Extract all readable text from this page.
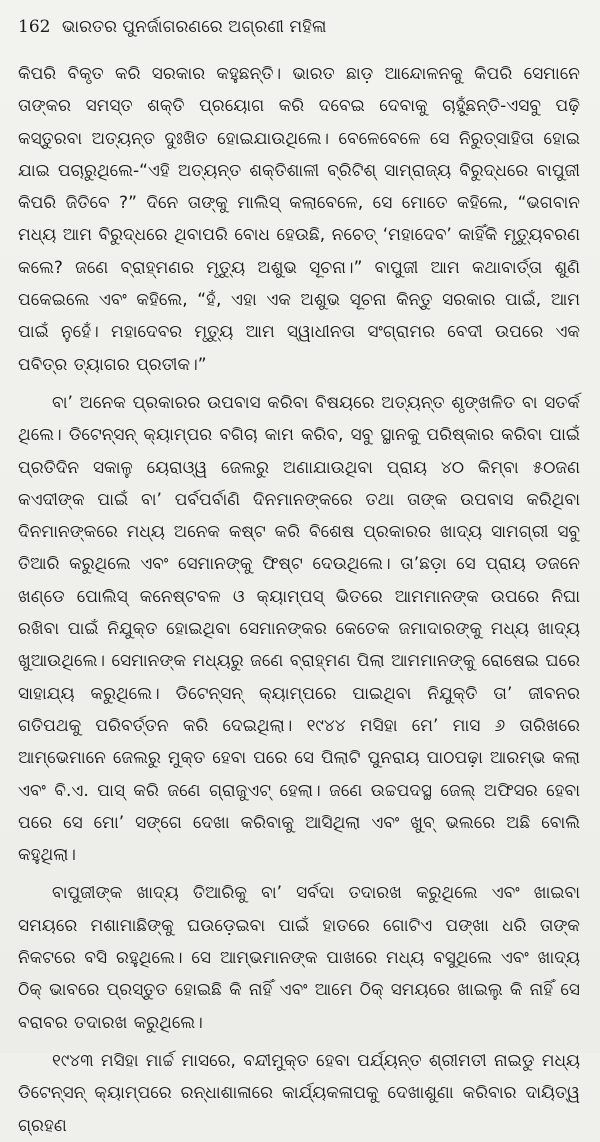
162 ଭାରତର ପୁନର୍ଜାଗରଣରେ ଅଗ୍ରଣୀ ମହିଳା

କିପରି ବିକୃତ କରି ସରକାର କହୁଛନ୍ତି। ଭାରତ ଛାଡ଼ ଆନ୍ଦୋଳନକୁ କିପରି ସେମାନେ ତାଙ୍କର ସମସ୍ତ ଶକ୍ତି ପ୍ରୟୋଗ କରି ଦବେଇ ଦେବାକୁ ଚାହୁଁଛନ୍ତି-ଏସବୁ ପଢ଼ି କସ୍ତୁରବା ଅତ୍ୟନ୍ତ ଦୁଃଖିତ ହୋଇଯାଉଥିଲେ। ବେଳେବେଳେ ସେ ନିରୁତ୍ସାହିତା ହୋଇ ଯାଇ ପଚାରୁଥିଲେ-“ଏହି ଅତ୍ୟନ୍ତ ଶକ୍ତିଶାଳୀ ବ୍ରିଟିଶ୍ ସାମ୍ରାଜ୍ୟ ବିରୁଦ୍ଧରେ ବାପୁଜୀ କିପରି ଜିତିବେ ?” ଦିନେ ତାଙ୍କୁ ମାଲିସ୍ କଲାବେଳେ, ସେ ମୋତେ କହିଲେ, “ଭଗବାନ ମଧ୍ୟ ଆମ ବିରୁଦ୍ଧରେ ଥିବାପରି ବୋଧ ହେଉଛି, ନଚେତ୍ ‘ମହାଦେବ’ କାହିଁକି ମୃତ୍ୟୁବରଣ କଲେ? ଜଣେ ବ୍ରାହ୍ମଣର ମୃତ୍ୟୁ ଅଶୁଭ ସୂଚନା।” ବାପୁଜୀ ଆମ କଥାବାର୍ତ୍ତା ଶୁଣି ପକେଇଲେ ଏବଂ କହିଲେ, “ହଁ, ଏହା ଏକ ଅଶୁଭ ସୂଚନା କିନ୍ତୁ ସରକାର ପାଇଁ, ଆମ ପାଇଁ ନୁହେଁ। ମହାଦେବର ମୃତ୍ୟୁ ଆମ ସ୍ୱାଧୀନତା ସଂଗ୍ରାମର ବେଦୀ ଉପରେ ଏକ ପବିତ୍ର ତ୍ୟାଗର ପ୍ରତୀକ।”

ବା’ ଅନେକ ପ୍ରକାରର ଉପବାସ କରିବା ବିଷୟରେ ଅତ୍ୟନ୍ତ ଶୃଙ୍ଖଳିତ ବା ସତର୍କ ଥିଲେ। ଡିଟେନ୍‌ସନ୍ କ୍ୟାମ୍ପର ବଗିଚା କାମ କରିବ, ସବୁ ସ୍ଥାନକୁ ପରିଷ୍କାର କରିବା ପାଇଁ ପ୍ରତିଦିନ ସକାଳୁ ୟେରାଓ୍ୱ ଜେଲରୁ ଅଣାଯାଉଥିବା ପ୍ରାୟ ୪୦ କିମ୍ବା ୫୦ଜଣ କଏଦୀଙ୍କ ପାଇଁ ବା’ ପର୍ବପର୍ବାଣି ଦିନମାନଙ୍କରେ ତଥା ତାଙ୍କ ଉପବାସ କରିଥିବା ଦିନମାନଙ୍କରେ ମଧ୍ୟ ଅନେକ କଷ୍ଟ କରି ବିଶେଷ ପ୍ରକାରର ଖାଦ୍ୟ ସାମଗ୍ରୀ ସବୁ ତିଆରି କରୁଥିଲେ ଏବଂ ସେମାନଙ୍କୁ ଫିଷ୍ଟ ଦେଉଥିଲେ। ତା’ଛଡ଼ା ସେ ପ୍ରାୟ ଡଜନେ ଖଣ୍ଡେ ପୋଲିସ୍ କନେଷ୍ଟବଳ ଓ କ୍ୟାମ୍ପସ୍ ଭିତରେ ଆମମାନଙ୍କ ଉପରେ ନିଘା ରଖିବା ପାଇଁ ନିଯୁକ୍ତ ହୋଇଥିବା ସେମାନଙ୍କର କେତେକ ଜମାଦାରଙ୍କୁ ମଧ୍ୟ ଖାଦ୍ୟ ଖୁଆଉଥିଲେ। ସେମାନଙ୍କ ମଧ୍ୟରୁ ଜଣେ ବ୍ରାହ୍ମଣ ପିଲା ଆମମାନଙ୍କୁ ରୋଷେଇ ଘରେ ସାହାଯ୍ୟ କରୁଥିଲେ। ଡିଟେନ୍‌ସନ୍ କ୍ୟାମ୍ପରେ ପାଇଥିବା ନିଯୁକ୍ତି ତା’ ଜୀବନର ଗତିପଥକୁ ପରିବର୍ତ୍ତନ କରି ଦେଇଥିଲା। ୧୯୪୪ ମସିହା ମେ’ ମାସ ୬ ତାରିଖରେ ଆମ୍ଭେମାନେ ଜେଲରୁ ମୁକ୍ତ ହେବା ପରେ ସେ ପିଲାଟି ପୁନରାୟ ପାଠପଢ଼ା ଆରମ୍ଭ କଲା ଏବଂ ବି.ଏ. ପାସ୍ କରି ଜଣେ ଗ୍ରାଜୁଏଟ୍ ହେଲା। ଜଣେ ଉଚ୍ଚପଦସ୍ଥ ଜେଲ୍ ଅଫିସର ହେବା ପରେ ସେ ମୋ’ ସଙ୍ଗେ ଦେଖା କରିବାକୁ ଆସିଥିଲା ଏବଂ ଖୁବ୍ ଭଲରେ ଅଛି ବୋଲି କହୁଥିଲା।

ବାପୁଜୀଙ୍କ ଖାଦ୍ୟ ତିଆରିକୁ ବା’ ସର୍ବଦା ତଦାରଖ କରୁଥିଲେ ଏବଂ ଖାଇବା ସମୟରେ ମଶାମାଛିଙ୍କୁ ଘଉଡ଼େଇବା ପାଇଁ ହାତରେ ଗୋଟିଏ ପଙ୍ଖା ଧରି ତାଙ୍କ ନିକଟରେ ବସି ରହୁଥିଲେ। ସେ ଆମ୍ଭମାନଙ୍କ ପାଖରେ ମଧ୍ୟ ବସୁଥିଲେ ଏବଂ ଖାଦ୍ୟ ଠିକ୍ ଭାବରେ ପ୍ରସ୍ତୁତ ହୋଇଛି କି ନାହିଁ ଏବଂ ଆମେ ଠିକ୍ ସମୟରେ ଖାଇଲୁ କି ନାହିଁ ସେ ବରାବର ତଦାରଖ କରୁଥିଲେ।

୧୯୪୩ ମସିହା ମାର୍ଚ୍ଚ ମାସରେ, ବନ୍ଦୀମୁକ୍ତ ହେବା ପର୍ଯ୍ୟନ୍ତ ଶ୍ରୀମତୀ ନାଇଡୁ ମଧ୍ୟ ଡିଟେନ୍‌ସନ୍ କ୍ୟାମ୍ପରେ ରନ୍ଧାଶାଳାରେ କାର୍ଯ୍ୟକଳାପକୁ ଦେଖାଶୁଣା କରିବାର ଦାୟିତ୍ୱ ଗ୍ରହଣ
